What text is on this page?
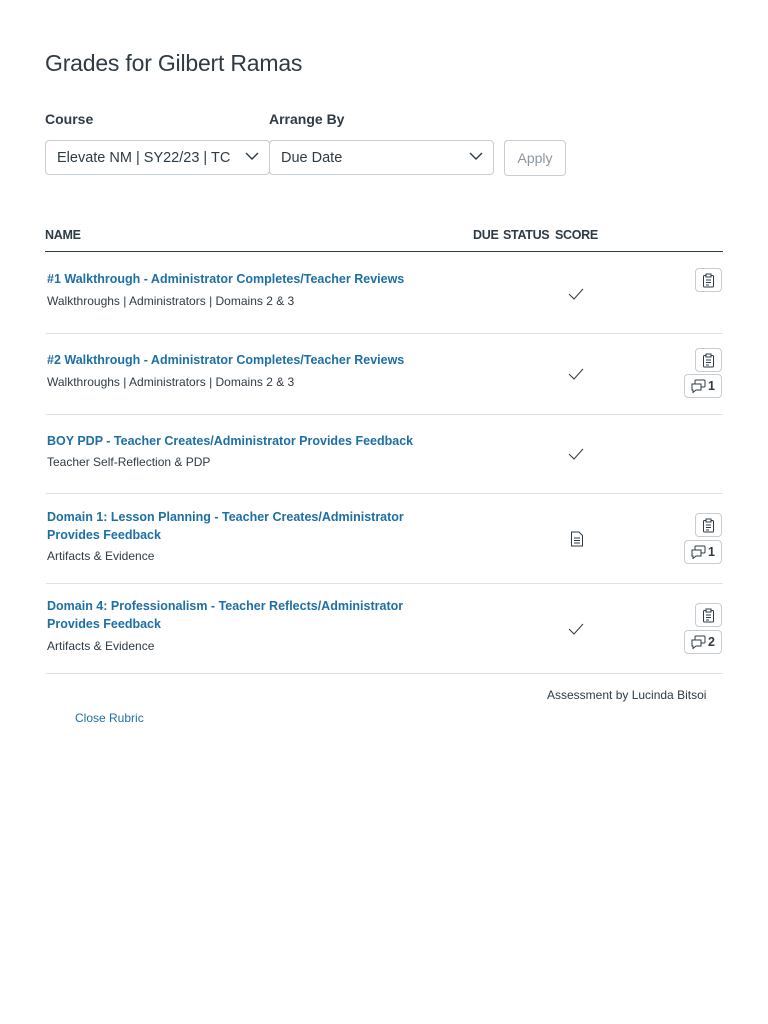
Grades for Gilbert Ramas
Course	Arrange By
Elevate NM | SY22/23 | TC	Due Date	Apply
NAME	DUE STATUS SCORE
#1 Walkthrough - Administrator Completes/Teacher Reviews
Walkthroughs | Administrators | Domains 2 & 3
#2 Walkthrough - Administrator Completes/Teacher Reviews
Walkthroughs | Administrators | Domains 2 & 3	1
BOY PDP - Teacher Creates/Administrator Provides Feedback
Teacher Self-Reflection & PDP
Domain 1: Lesson Planning - Teacher Creates/Administrator
Provides Feedback
Artifacts & Evidence	1
Domain 4: Professionalism - Teacher Reflects/Administrator
Provides Feedback
Artifacts & Evidence	2
Assessment by Lucinda Bitsoi
Close Rubric
